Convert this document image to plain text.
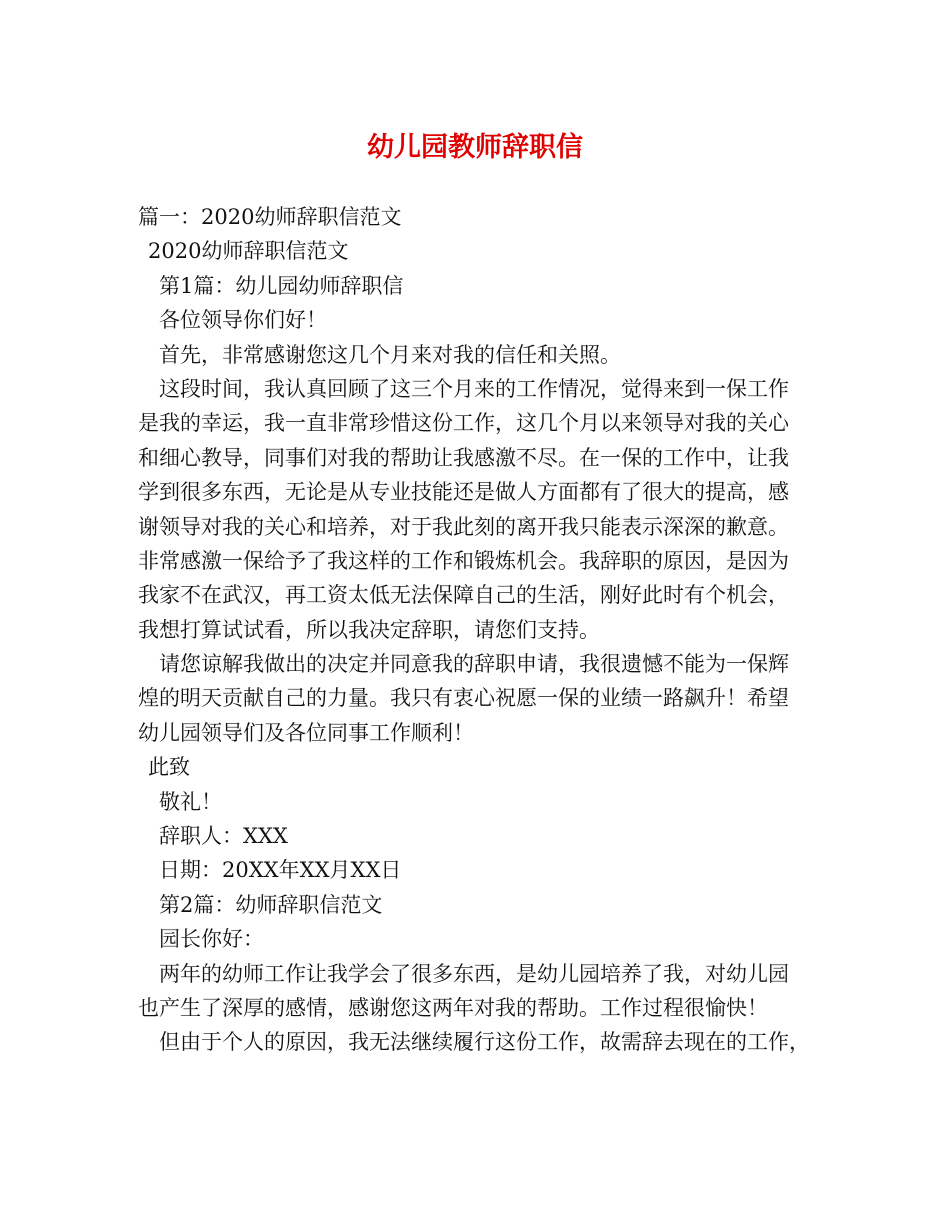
幼儿园教师辞职信

篇一：2020幼师辞职信范文

2020幼师辞职信范文

第1篇：幼儿园幼师辞职信

各位领导你们好！

首先，非常感谢您这几个月来对我的信任和关照。

这段时间，我认真回顾了这三个月来的工作情况，觉得来到一保工作

是我的幸运，我一直非常珍惜这份工作，这几个月以来领导对我的关心

和细心教导，同事们对我的帮助让我感激不尽。在一保的工作中，让我

学到很多东西，无论是从专业技能还是做人方面都有了很大的提高，感

谢领导对我的关心和培养，对于我此刻的离开我只能表示深深的歉意。

非常感激一保给予了我这样的工作和锻炼机会。我辞职的原因，是因为

我家不在武汉，再工资太低无法保障自己的生活，刚好此时有个机会，

我想打算试试看，所以我决定辞职，请您们支持。

请您谅解我做出的决定并同意我的辞职申请，我很遗憾不能为一保辉

煌的明天贡献自己的力量。我只有衷心祝愿一保的业绩一路飙升！希望

幼儿园领导们及各位同事工作顺利！

此致

敬礼！

辞职人：XXX

日期：20XX年XX月XX日

第2篇：幼师辞职信范文

园长你好：

两年的幼师工作让我学会了很多东西，是幼儿园培养了我，对幼儿园

也产生了深厚的感情，感谢您这两年对我的帮助。工作过程很愉快！

但由于个人的原因，我无法继续履行这份工作，故需辞去现在的工作，
